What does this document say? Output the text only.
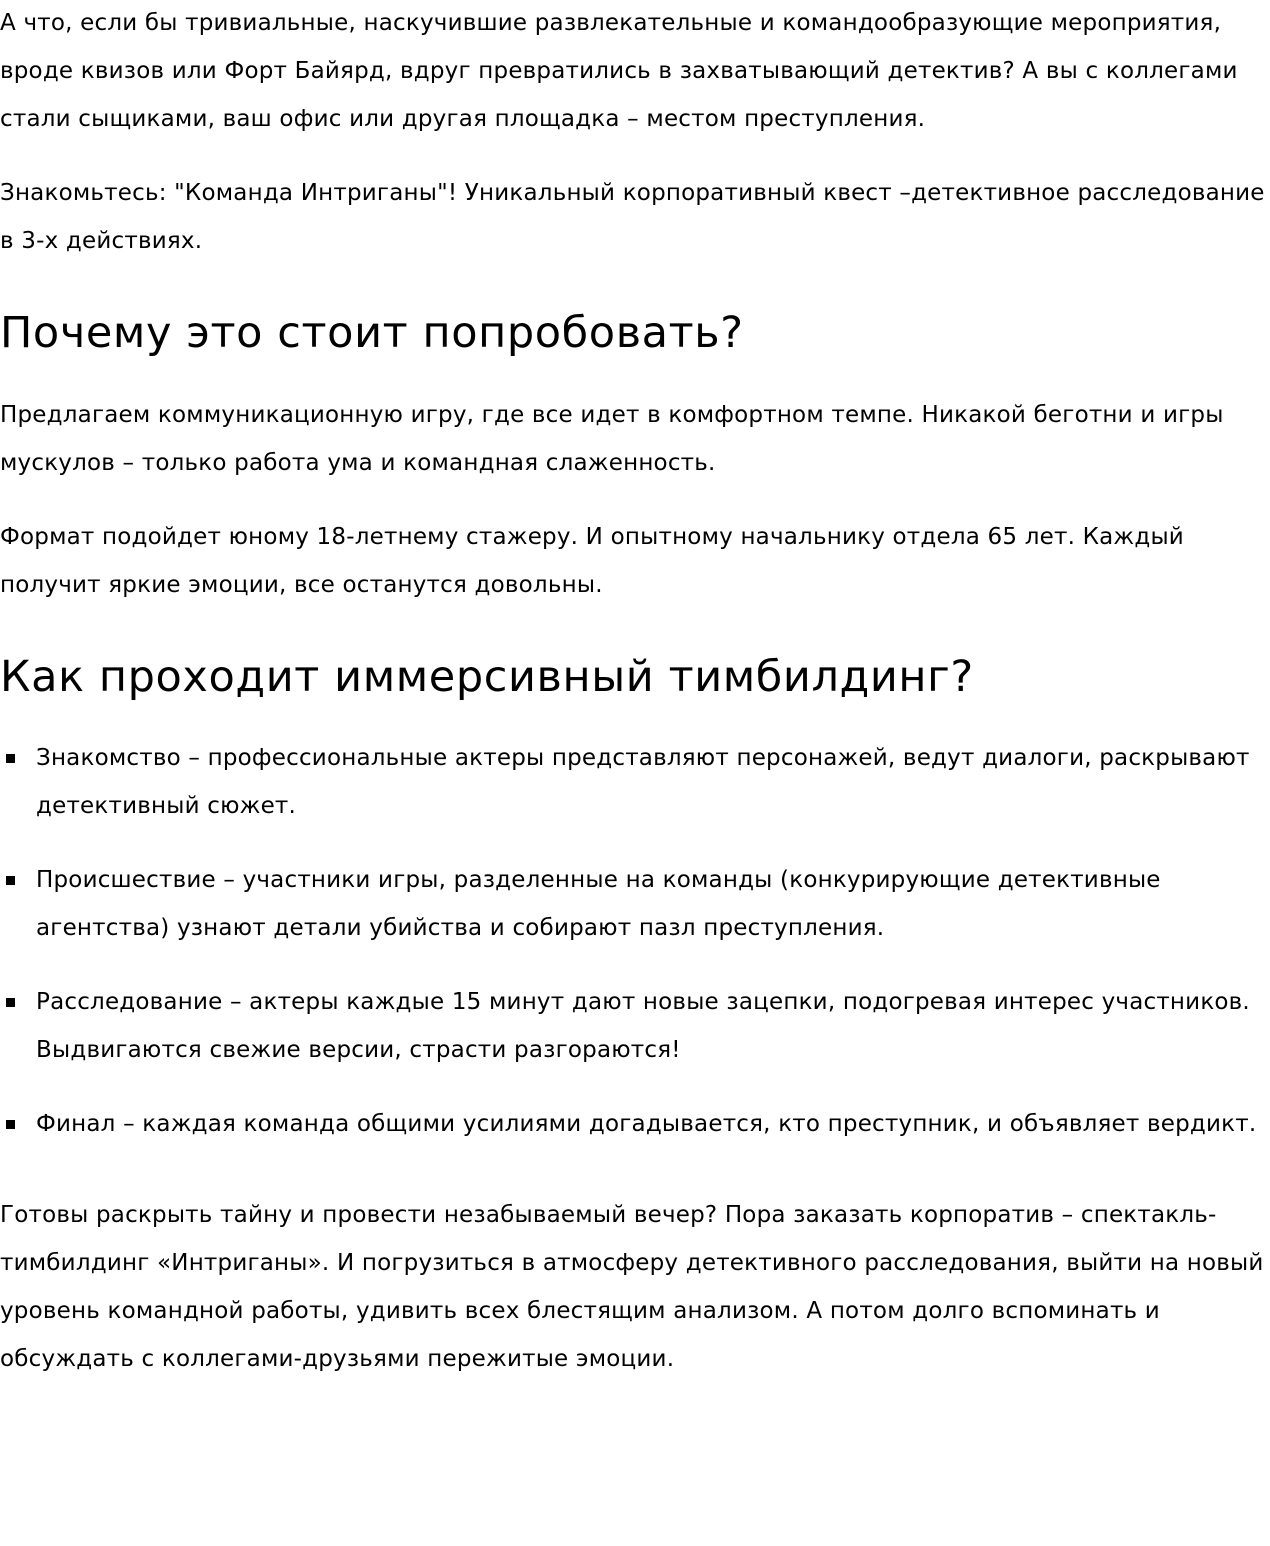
А что, если бы тривиальные, наскучившие развлекательные и командообразующие мероприятия, вроде квизов или Форт Байярд, вдруг превратились в захватывающий детектив? А вы с коллегами стали сыщиками, ваш офис или другая площадка – местом преступления.

Знакомьтесь: "Команда Интриганы"! Уникальный корпоративный квест –детективное расследование в 3-х действиях.

Почему это стоит попробовать?

Предлагаем коммуникационную игру, где все идет в комфортном темпе. Никакой беготни и игры мускулов – только работа ума и командная слаженность.

Формат подойдет юному 18-летнему стажеру. И опытному начальнику отдела 65 лет. Каждый получит яркие эмоции, все останутся довольны.

Как проходит иммерсивный тимбилдинг?
Знакомство – профессиональные актеры представляют персонажей, ведут диалоги, раскрывают детективный сюжет.
Происшествие – участники игры, разделенные на команды (конкурирующие детективные агентства) узнают детали убийства и собирают пазл преступления.
Расследование – актеры каждые 15 минут дают новые зацепки, подогревая интерес участников. Выдвигаются свежие версии, страсти разгораются!
Финал – каждая команда общими усилиями догадывается, кто преступник, и объявляет вердикт.

Готовы раскрыть тайну и провести незабываемый вечер? Пора заказать корпоратив – спектакль-тимбилдинг «Интриганы». И погрузиться в атмосферу детективного расследования, выйти на новый уровень командной работы, удивить всех блестящим анализом. А потом долго вспоминать и обсуждать с коллегами-друзьями пережитые эмоции.
